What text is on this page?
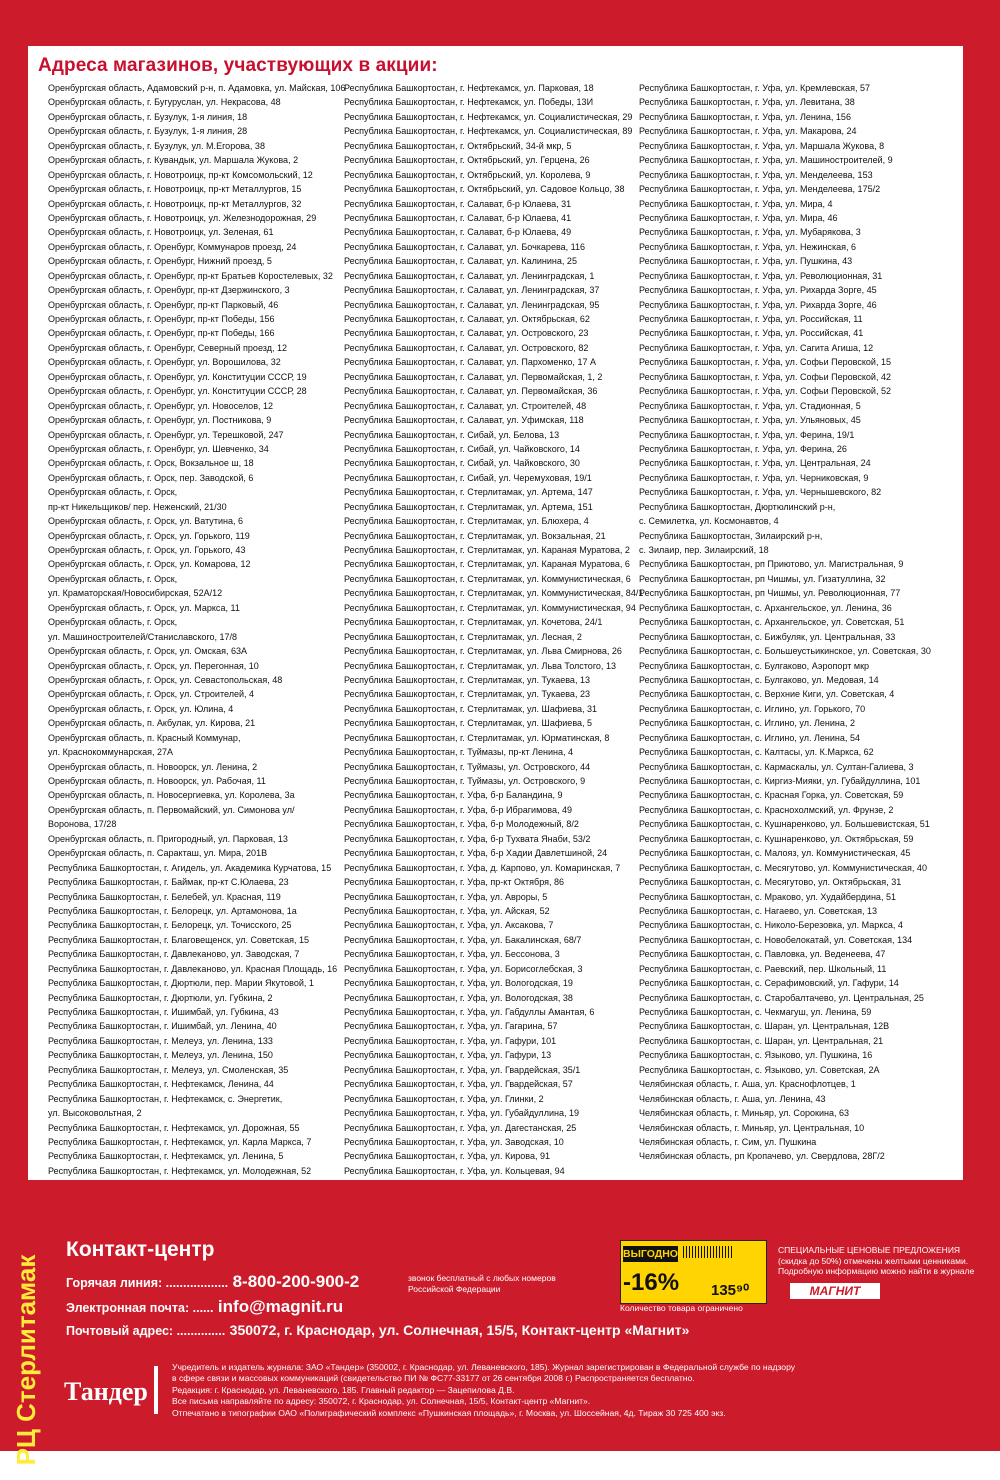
Адреса магазинов, участвующих в акции:
Оренбургская область, Адамовский р-н, п. Адамовка, ул. Майская, 106
Оренбургская область, г. Бугуруслан, ул. Некрасова, 48
Оренбургская область, г. Бузулук, 1-я линия, 18
Оренбургская область, г. Бузулук, 1-я линия, 28
Оренбургская область, г. Бузулук, ул. М.Егорова, 38
Оренбургская область, г. Кувандык, ул. Маршала Жукова, 2
Оренбургская область, г. Новотроицк, пр-кт Комсомольский, 12
Оренбургская область, г. Новотроицк, пр-кт Металлургов, 15
Оренбургская область, г. Новотроицк, пр-кт Металлургов, 32
Оренбургская область, г. Новотроицк, ул. Железнодорожная, 29
Оренбургская область, г. Новотроицк, ул. Зеленая, 61
Оренбургская область, г. Оренбург, Коммунаров проезд, 24
Оренбургская область, г. Оренбург, Нижний проезд, 5
Оренбургская область, г. Оренбург, пр-кт Братьев Коростелевых, 32
Оренбургская область, г. Оренбург, пр-кт Дзержинского, 3
Оренбургская область, г. Оренбург, пр-кт Парковый, 46
Оренбургская область, г. Оренбург, пр-кт Победы, 156
Оренбургская область, г. Оренбург, пр-кт Победы, 166
Оренбургская область, г. Оренбург, Северный проезд, 12
Оренбургская область, г. Оренбург, ул. Ворошилова, 32
Оренбургская область, г. Оренбург, ул. Конституции СССР, 19
Оренбургская область, г. Оренбург, ул. Конституции СССР, 28
Оренбургская область, г. Оренбург, ул. Новоселов, 12
Оренбургская область, г. Оренбург, ул. Постникова, 9
Оренбургская область, г. Оренбург, ул. Терешковой, 247
Оренбургская область, г. Оренбург, ул. Шевченко, 34
Оренбургская область, г. Орск, Вокзальное ш, 18
Оренбургская область, г. Орск, пер. Заводской, 6
Оренбургская область, г. Орск,
пр-кт Никельщиков/ пер. Неженский, 21/30
Оренбургская область, г. Орск, ул. Ватутина, 6
Оренбургская область, г. Орск, ул. Горького, 119
Оренбургская область, г. Орск, ул. Горького, 43
Оренбургская область, г. Орск, ул. Комарова, 12
Оренбургская область, г. Орск,
ул. Краматорская/Новосибирская, 52А/12
Оренбургская область, г. Орск, ул. Маркса, 11
Оренбургская область, г. Орск,
ул. Машиностроителей/Станиславского, 17/8
Оренбургская область, г. Орск, ул. Омская, 63А
Оренбургская область, г. Орск, ул. Перегонная, 10
Оренбургская область, г. Орск, ул. Севастопольская, 48
Оренбургская область, г. Орск, ул. Строителей, 4
Оренбургская область, г. Орск, ул. Юлина, 4
Оренбургская область, п. Акбулак, ул. Кирова, 21
Оренбургская область, п. Красный Коммунар,
ул. Краснокоммунарская, 27А
Оренбургская область, п. Новоорск, ул. Ленина, 2
Оренбургская область, п. Новоорск, ул. Рабочая, 11
Оренбургская область, п. Новосергиевка, ул. Королева, 3а
Оренбургская область, п. Первомайский, ул. Симонова ул/
Воронова, 17/28
Оренбургская область, п. Пригородный, ул. Парковая, 13
Оренбургская область, п. Саракташ, ул. Мира, 201В
Республика Башкортостан, г. Агидель, ул. Академика Курчатова, 15
Республика Башкортостан, г. Баймак, пр-кт С.Юлаева, 23
Республика Башкортостан, г. Белебей, ул. Красная, 119
Республика Башкортостан, г. Белорецк, ул. Артамонова, 1а
Республика Башкортостан, г. Белорецк, ул. Точисского, 25
Республика Башкортостан, г. Благовещенск, ул. Советская, 15
Республика Башкортостан, г. Давлеканово, ул. Заводская, 7
Республика Башкортостан, г. Давлеканово, ул. Красная Площадь, 16
Республика Башкортостан, г. Дюртюли, пер. Марии Якутовой, 1
Республика Башкортостан, г. Дюртюли, ул. Губкина, 2
Республика Башкортостан, г. Ишимбай, ул. Губкина, 43
Республика Башкортостан, г. Ишимбай, ул. Ленина, 40
Республика Башкортостан, г. Мелеуз, ул. Ленина, 133
Республика Башкортостан, г. Мелеуз, ул. Ленина, 150
Республика Башкортостан, г. Мелеуз, ул. Смоленская, 35
Республика Башкортостан, г. Нефтекамск, Ленина, 44
Республика Башкортостан, г. Нефтекамск, с. Энергетик,
ул. Высоковольтная, 2
Республика Башкортостан, г. Нефтекамск, ул. Дорожная, 55
Республика Башкортостан, г. Нефтекамск, ул. Карла Маркса, 7
Республика Башкортостан, г. Нефтекамск, ул. Ленина, 5
Республика Башкортостан, г. Нефтекамск, ул. Молодежная, 52
Республика Башкортостан, г. Нефтекамск, ул. Парковая, 18
Республика Башкортостан, г. Нефтекамск, ул. Победы, 13И
Республика Башкортостан, г. Нефтекамск, ул. Социалистическая, 29
Республика Башкортостан, г. Нефтекамск, ул. Социалистическая, 89
Республика Башкортостан, г. Октябрьский, 34-й мкр, 5
Республика Башкортостан, г. Октябрьский, ул. Герцена, 26
Республика Башкортостан, г. Октябрьский, ул. Королева, 9
Республика Башкортостан, г. Октябрьский, ул. Садовое Кольцо, 38
Республика Башкортостан, г. Салават, б-р Юлаева, 31
Республика Башкортостан, г. Салават, б-р Юлаева, 41
Республика Башкортостан, г. Салават, б-р Юлаева, 49
Республика Башкортостан, г. Салават, ул. Бочкарева, 116
Республика Башкортостан, г. Салават, ул. Калинина, 25
Республика Башкортостан, г. Салават, ул. Ленинградская, 1
Республика Башкортостан, г. Салават, ул. Ленинградская, 37
Республика Башкортостан, г. Салават, ул. Ленинградская, 95
Республика Башкортостан, г. Салават, ул. Октябрьская, 62
Республика Башкортостан, г. Салават, ул. Островского, 23
Республика Башкортостан, г. Салават, ул. Островского, 82
Республика Башкортостан, г. Салават, ул. Пархоменко, 17 А
Республика Башкортостан, г. Салават, ул. Первомайская, 1, 2
Республика Башкортостан, г. Салават, ул. Первомайская, 36
Республика Башкортостан, г. Салават, ул. Строителей, 48
Республика Башкортостан, г. Салават, ул. Уфимская, 118
Республика Башкортостан, г. Сибай, ул. Белова, 13
Республика Башкортостан, г. Сибай, ул. Чайковского, 14
Республика Башкортостан, г. Сибай, ул. Чайковского, 30
Республика Башкортостан, г. Сибай, ул. Черемуховая, 19/1
Республика Башкортостан, г. Стерлитамак, ул. Артема, 147
Республика Башкортостан, г. Стерлитамак, ул. Артема, 151
Республика Башкортостан, г. Стерлитамак, ул. Блюхера, 4
Республика Башкортостан, г. Стерлитамак, ул. Вокзальная, 21
Республика Башкортостан, г. Стерлитамак, ул. Караная Муратова, 2
Республика Башкортостан, г. Стерлитамак, ул. Караная Муратова, 6
Республика Башкортостан, г. Стерлитамак, ул. Коммунистическая, 6
Республика Башкортостан, г. Стерлитамак, ул. Коммунистическая, 84/1
Республика Башкортостан, г. Стерлитамак, ул. Коммунистическая, 94
Республика Башкортостан, г. Стерлитамак, ул. Кочетова, 24/1
Республика Башкортостан, г. Стерлитамак, ул. Лесная, 2
Республика Башкортостан, г. Стерлитамак, ул. Льва Смирнова, 26
Республика Башкортостан, г. Стерлитамак, ул. Льва Толстого, 13
Республика Башкортостан, г. Стерлитамак, ул. Тукаева, 13
Республика Башкортостан, г. Стерлитамак, ул. Тукаева, 23
Республика Башкортостан, г. Стерлитамак, ул. Шафиева, 31
Республика Башкортостан, г. Стерлитамак, ул. Шафиева, 5
Республика Башкортостан, г. Стерлитамак, ул. Юрматинская, 8
Республика Башкортостан, г. Туймазы, пр-кт Ленина, 4
Республика Башкортостан, г. Туймазы, ул. Островского, 44
Республика Башкортостан, г. Туймазы, ул. Островского, 9
Республика Башкортостан, г. Уфа, б-р Баландина, 9
Республика Башкортостан, г. Уфа, б-р Ибрагимова, 49
Республика Башкортостан, г. Уфа, б-р Молодежный, 8/2
Республика Башкортостан, г. Уфа, б-р Тухвата Янаби, 53/2
Республика Башкортостан, г. Уфа, б-р Хадии Давлетшиной, 24
Республика Башкортостан, г. Уфа, д. Карпово, ул. Комаринская, 7
Республика Башкортостан, г. Уфа, пр-кт Октября, 86
Республика Башкортостан, г. Уфа, ул. Авроры, 5
Республика Башкортостан, г. Уфа, ул. Айская, 52
Республика Башкортостан, г. Уфа, ул. Аксакова, 7
Республика Башкортостан, г. Уфа, ул. Бакалинская, 68/7
Республика Башкортостан, г. Уфа, ул. Бессонова, 3
Республика Башкортостан, г. Уфа, ул. Борисоглебская, 3
Республика Башкортостан, г. Уфа, ул. Вологодская, 19
Республика Башкортостан, г. Уфа, ул. Вологодская, 38
Республика Башкортостан, г. Уфа, ул. Габдуллы Амантая, 6
Республика Башкортостан, г. Уфа, ул. Гагарина, 57
Республика Башкортостан, г. Уфа, ул. Гафури, 101
Республика Башкортостан, г. Уфа, ул. Гафури, 13
Республика Башкортостан, г. Уфа, ул. Гвардейская, 35/1
Республика Башкортостан, г. Уфа, ул. Гвардейская, 57
Республика Башкортостан, г. Уфа, ул. Глинки, 2
Республика Башкортостан, г. Уфа, ул. Губайдуллина, 19
Республика Башкортостан, г. Уфа, ул. Дагестанская, 25
Республика Башкортостан, г. Уфа, ул. Заводская, 10
Республика Башкортостан, г. Уфа, ул. Кирова, 91
Республика Башкортостан, г. Уфа, ул. Кольцевая, 94
Республика Башкортостан, г. Уфа, ул. Кремлевская, 57
Республика Башкортостан, г. Уфа, ул. Левитана, 38
Республика Башкортостан, г. Уфа, ул. Ленина, 156
Республика Башкортостан, г. Уфа, ул. Макарова, 24
Республика Башкортостан, г. Уфа, ул. Маршала Жукова, 8
Республика Башкортостан, г. Уфа, ул. Машиностроителей, 9
Республика Башкортостан, г. Уфа, ул. Менделеева, 153
Республика Башкортостан, г. Уфа, ул. Менделеева, 175/2
Республика Башкортостан, г. Уфа, ул. Мира, 4
Республика Башкортостан, г. Уфа, ул. Мира, 46
Республика Башкортостан, г. Уфа, ул. Мубарякова, 3
Республика Башкортостан, г. Уфа, ул. Нежинская, 6
Республика Башкортостан, г. Уфа, ул. Пушкина, 43
Республика Башкортостан, г. Уфа, ул. Революционная, 31
Республика Башкортостан, г. Уфа, ул. Рихарда Зорге, 45
Республика Башкортостан, г. Уфа, ул. Рихарда Зорге, 46
Республика Башкортостан, г. Уфа, ул. Российская, 11
Республика Башкортостан, г. Уфа, ул. Российская, 41
Республика Башкортостан, г. Уфа, ул. Сагита Агиша, 12
Республика Башкортостан, г. Уфа, ул. Софьи Перовской, 15
Республика Башкортостан, г. Уфа, ул. Софьи Перовской, 42
Республика Башкортостан, г. Уфа, ул. Софьи Перовской, 52
Республика Башкортостан, г. Уфа, ул. Стадионная, 5
Республика Башкортостан, г. Уфа, ул. Ульяновых, 45
Республика Башкортостан, г. Уфа, ул. Ферина, 19/1
Республика Башкортостан, г. Уфа, ул. Ферина, 26
Республика Башкортостан, г. Уфа, ул. Центральная, 24
Республика Башкортостан, г. Уфа, ул. Черниковская, 9
Республика Башкортостан, г. Уфа, ул. Чернышевского, 82
Республика Башкортостан, Дюртюлинский р-н,
с. Семилетка, ул. Космонавтов, 4
Республика Башкортостан, Зилаирский р-н,
с. Зилаир, пер. Зилаирский, 18
Республика Башкортостан, рп Приютово, ул. Магистральная, 9
Республика Башкортостан, рп Чишмы, ул. Гизатуллина, 32
Республика Башкортостан, рп Чишмы, ул. Революционная, 77
Республика Башкортостан, с. Архангельское, ул. Ленина, 36
Республика Башкортостан, с. Архангельское, ул. Советская, 51
Республика Башкортостан, с. Бижбуляк, ул. Центральная, 33
Республика Башкортостан, с. Большеустьикинское, ул. Советская, 30
Республика Башкортостан, с. Булгаково, Аэропорт мкр
Республика Башкортостан, с. Булгаково, ул. Медовая, 14
Республика Башкортостан, с. Верхние Киги, ул. Советская, 4
Республика Башкортостан, с. Иглино, ул. Горького, 70
Республика Башкортостан, с. Иглино, ул. Ленина, 2
Республика Башкортостан, с. Иглино, ул. Ленина, 54
Республика Башкортостан, с. Калтасы, ул. К.Маркса, 62
Республика Башкортостан, с. Кармаскалы, ул. Султан-Галиева, 3
Республика Башкортостан, с. Киргиз-Мияки, ул. Губайдуллина, 101
Республика Башкортостан, с. Красная Горка, ул. Советская, 59
Республика Башкортостан, с. Краснохолмский, ул. Фрунзе, 2
Республика Башкортостан, с. Кушнаренково, ул. Большевистская, 51
Республика Башкортостан, с. Кушнаренково, ул. Октябрьская, 59
Республика Башкортостан, с. Малояз, ул. Коммунистическая, 45
Республика Башкортостан, с. Месягутово, ул. Коммунистическая, 40
Республика Башкортостан, с. Месягутово, ул. Октябрьская, 31
Республика Башкортостан, с. Мраково, ул. Худайбердина, 51
Республика Башкортостан, с. Нагаево, ул. Советская, 13
Республика Башкортостан, с. Николо-Березовка, ул. Маркса, 4
Республика Башкортостан, с. Новобелокатай, ул. Советская, 134
Республика Башкортостан, с. Павловка, ул. Веденеева, 47
Республика Башкортостан, с. Раевский, пер. Школьный, 11
Республика Башкортостан, с. Серафимовский, ул. Гафури, 14
Республика Башкортостан, с. Старобалтачево, ул. Центральная, 25
Республика Башкортостан, с. Чекмагуш, ул. Ленина, 59
Республика Башкортостан, с. Шаран, ул. Центральная, 12В
Республика Башкортостан, с. Шаран, ул. Центральная, 21
Республика Башкортостан, с. Языково, ул. Пушкина, 16
Республика Башкортостан, с. Языково, ул. Советская, 2А
Челябинская область, г. Аша, ул. Краснофлотцев, 1
Челябинская область, г. Аша, ул. Ленина, 43
Челябинская область, г. Миньяр, ул. Сорокина, 63
Челябинская область, г. Миньяр, ул. Центральная, 10
Челябинская область, г. Сим, ул. Пушкина
Челябинская область, рп Кропачево, ул. Свердлова, 28Г/2
РЦ Стерлитамак
Контакт-центр
Горячая линия: .................. 8-800-200-900-2	звонок бесплатный с любых номеров Российской Федерации
Электронная почта: ...... info@magnit.ru
Почтовый адрес: .............. 350072, г. Краснодар, ул. Солнечная, 15/5, Контакт-центр «Магнит»
ВЫГОДНО
-16% 135⁹⁰
Количество товара ограничено
СПЕЦИАЛЬНЫЕ ЦЕНОВЫЕ ПРЕДЛОЖЕНИЯ (скидка до 50%) отмечены желтыми ценниками. Подробную информацию можно найти в журнале
МАГНИТ
Тандер
Учредитель и издатель журнала: ЗАО «Тандер» (350002, г. Краснодар, ул. Леваневского, 185). Журнал зарегистрирован в Федеральной службе по надзору
в сфере связи и массовых коммуникаций (свидетельство ПИ № ФС77-33177 от 26 сентября 2008 г.) Распространяется бесплатно.
Редакция: г. Краснодар, ул. Леваневского, 185. Главный редактор — Зацепилова Д.В.
Все письма направляйте по адресу: 350072, г. Краснодар, ул. Солнечная, 15/5, Контакт-центр «Магнит».
Отпечатано в типографии ОАО «Полиграфический комплекс «Пушкинская площадь», г. Москва, ул. Шоссейная, 4д. Тираж 30 725 400 экз.
